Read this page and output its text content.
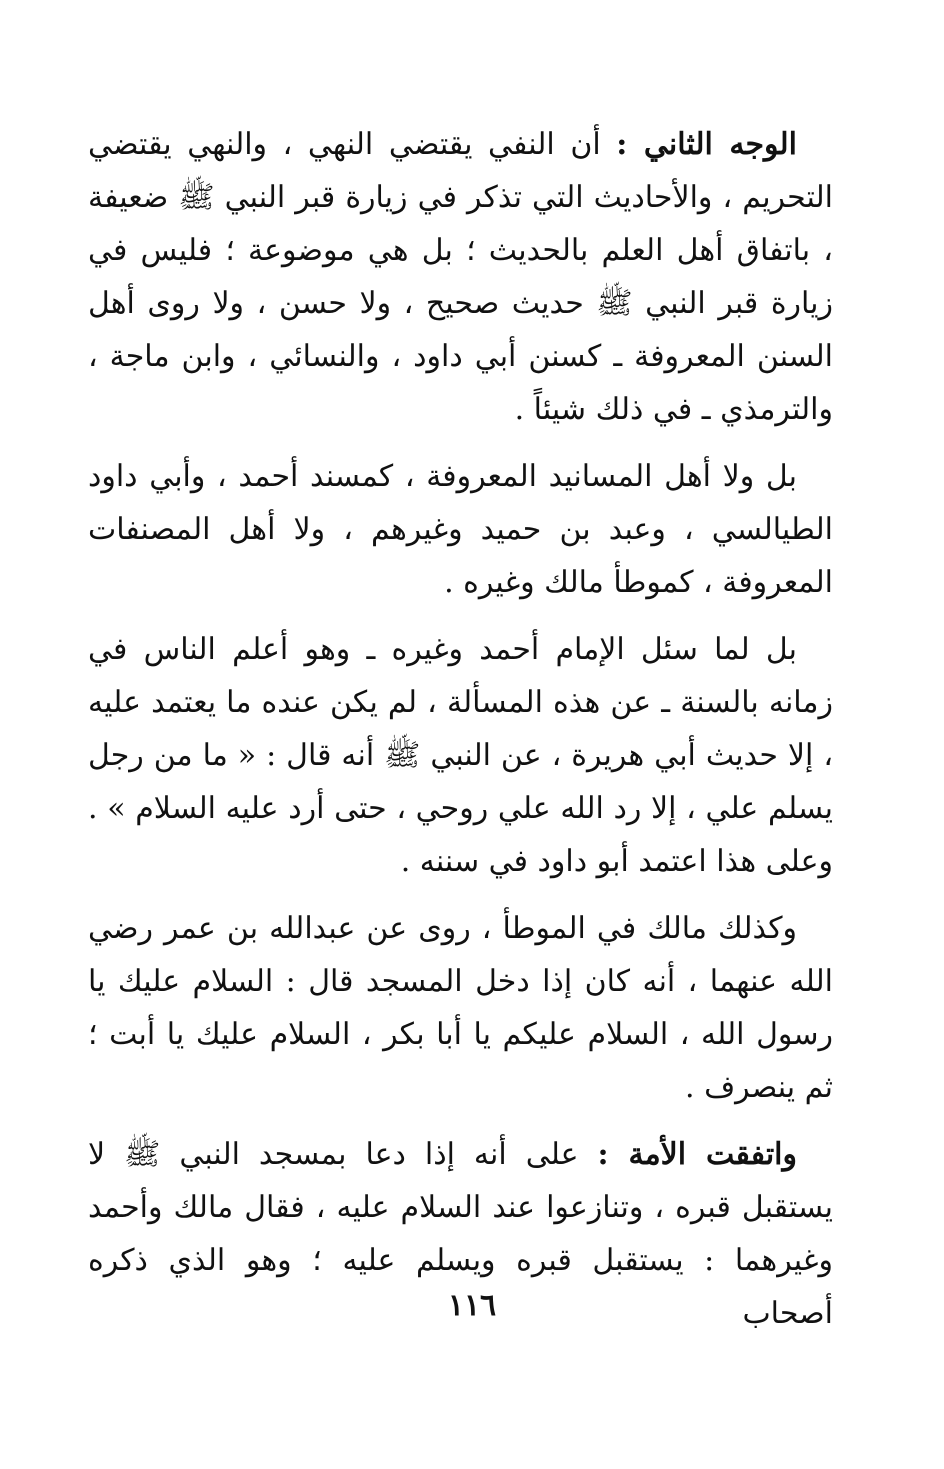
الوجه الثاني : أن النفي يقتضي النهي ، والنهي يقتضي التحريم ، والأحاديث التي تذكر في زيارة قبر النبي ﷺ ضعيفة ، باتفاق أهل العلم بالحديث ؛ بل هي موضوعة ؛ فليس في زيارة قبر النبي ﷺ حديث صحيح ، ولا حسن ، ولا روى أهل السنن المعروفة ـ كسنن أبي داود ، والنسائي ، وابن ماجة ، والترمذي ـ في ذلك شيئاً .

بل ولا أهل المسانيد المعروفة ، كمسند أحمد ، وأبي داود الطيالسي ، وعبد بن حميد وغيرهم ، ولا أهل المصنفات المعروفة ، كموطأ مالك وغيره .

بل لما سئل الإمام أحمد وغيره ـ وهو أعلم الناس في زمانه بالسنة ـ عن هذه المسألة ، لم يكن عنده ما يعتمد عليه ، إلا حديث أبي هريرة ، عن النبي ﷺ أنه قال : « ما من رجل يسلم علي ، إلا رد الله علي روحي ، حتى أرد عليه السلام » . وعلى هذا اعتمد أبو داود في سننه .

وكذلك مالك في الموطأ ، روى عن عبدالله بن عمر رضي الله عنهما ، أنه كان إذا دخل المسجد قال : السلام عليك يا رسول الله ، السلام عليكم يا أبا بكر ، السلام عليك يا أبت ؛ ثم ينصرف .

واتفقت الأمة : على أنه إذا دعا بمسجد النبي ﷺ لا يستقبل قبره ، وتنازعوا عند السلام عليه ، فقال مالك وأحمد وغيرهما : يستقبل قبره ويسلم عليه ؛ وهو الذي ذكره أصحاب

١١٦
